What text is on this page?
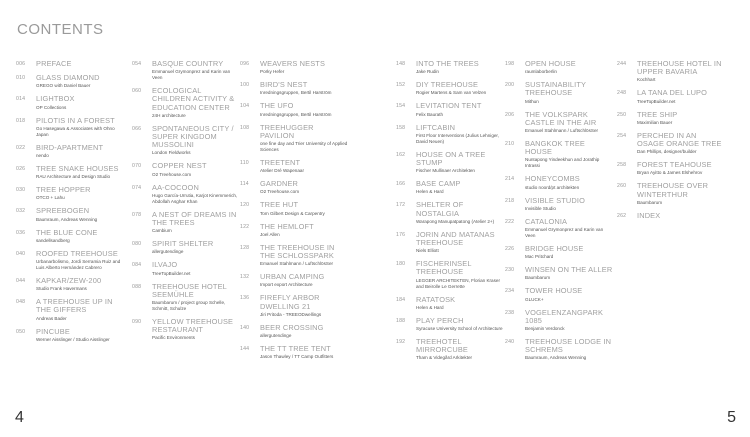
CONTENTS
006 PREFACE
010 GLASS DIAMOND
GREGO with Daniel Bauer
014 LIGHTBOX
OP Collections
018 PILOTIS IN A FOREST
Go Hasegawa & Associates with Ohno Japan
022 BIRD-APARTMENT
nendo
026 TREE SNAKE HOUSES
RAU Architecture and Design Studio
030 TREE HOPPER
OTCO + Lahu
032 SPREEBOGEN
Baumraum, Andreas Wenning
036 THE BLUE CONE
sandellsandberg
040 ROOFED TREEHOUSE
Urbanarbolismo, Jordi Serramia Ruiz and Luis Alberto Hernández Cabrero
044 KAPKAR/ZEW-200
Studio Frank Havermans
048 A TREEHOUSE UP IN THE GIFFERS
Andreas Bader
050 PINCUBE
Werner Aisslinger / Studio Aisslinger
054 BASQUE COUNTRY
Emmanuel Grymonprez and Karin van Veen
060 ECOLOGICAL CHILDREN ACTIVITY & EDUCATION CENTER
24H architecture
066 SPONTANEOUS CITY / SUPER KINGDOM MUSSOLINI
London Fieldworks
070 COPPER NEST
O2 Treehouse.com
074 AA-COCOON
Hugo García-Urrutia, Karjot Kinemmerich, Abdollah Asghar Khan
078 A NEST OF DREAMS IN THE TREES
Cambium
080 SPIRIT SHELTER
allergutendinge
084 ILVAJO
TreeTopBuilder.net
088 TREEHOUSE HOTEL SEEMÜHLE
Baumbarum / project group Schelle, Schmitt, Schulze
090 YELLOW TREEHOUSE RESTAURANT
Pacific Environments
096 WEAVERS NESTS
Porky Hefer
100 BIRD'S NEST
Inredningsgruppen, Bertil Harström
104 THE UFO
Inredningsgruppen, Bertil Harström
108 TREEHUGGER PAVILION
one fine day and Trier University of Applied Sciences
110 TREETENT
Atelier Dré Wapenaar
114 GARDNER
O2 Treehouse.com
120 TREE HUT
Tom Gilbert Design & Carpentry
122 THE HEMLOFT
Joel Allen
128 THE TREEHOUSE IN THE SCHLOSSPARK
Emanuel Stahlmann / LuftschlösSer
132 URBAN CAMPING
Import export Architecture
136 FIREFLY ARBOR DWELLING 21
Jiri Pritoda - TREEODwellings
140 BEER CROSSING
allergutendinge
144 THE TT TREE TENT
Jason Thawley / TT Camp Outfitters
148 INTO THE TREES
Jake Rudin
152 DIY TREEHOUSE
Rogier Martens & Sam van Velzen
154 LEVITATION TENT
Felix Baurath
158 LIFTCABIN
First Floor Interventions (Julius Lehniger, David Neuen)
162 HOUSE ON A TREE STUMP
Fischer Mullinaer Architekten
166 BASE CAMP
Helen & Hard
172 SHELTER OF NOSTALGIA
Warapong Manupatpatong (Atelier 2+)
176 JORIN AND MATANAS TREEHOUSE
Niels Elliott
180 FISCHERINSEL TREEHOUSE
LEGGER ARCHITEKTEN, Florian Kraser and Beirolle Le Gerrette
184 RATATOSK
Helen & Hard
188 PLAY PERCH
Syracuse University School of Architecture
192 TREEHOTEL MIRRORCUBE
Tham & Videgård Arkitekter
198 OPEN HOUSE
raumlaborberlin
200 SUSTAINABILITY TREEHOUSE
Mithun
206 THE VOLKSPARK CASTLE IN THE AIR
Emanuel Stahlmann / LuftschlösSer
210 BANGKOK TREE HOUSE
Nuntapong Yindeekhun and Jorathip Intrassi
214 HONEYCOMBS
studio noord/pt architekten
218 VISIBLE STUDIO
Invisible Studio
222 CATALONIA
Emmanuel Grymonprez and Karin van Veen
226 BRIDGE HOUSE
Mac Pritchard
230 WINSEN ON THE ALLER
Baumbarum
234 TOWER HOUSE
GLUCK+
238 VOGELENZANGPARK 1085
Benjamin Verdonck
240 TREEHOUSE LODGE IN SCHREMS
Baumraum, Andreas Wenning
244 TREEHOUSE HOTEL IN UPPER BAVARIA
Kochhart
248 LA TANA DEL LUPO
TreeTopBuilder.net
250 TREE SHIP
Maximilian Bauer
254 PERCHED IN AN OSAGE ORANGE TREE
Dan Phillips, designer/builder
258 FOREST TEAHOUSE
Bryan Ayitto & James Elshehrov
260 TREEHOUSE OVER WINTERTHUR
Baumbarum
262 INDEX
4	5
